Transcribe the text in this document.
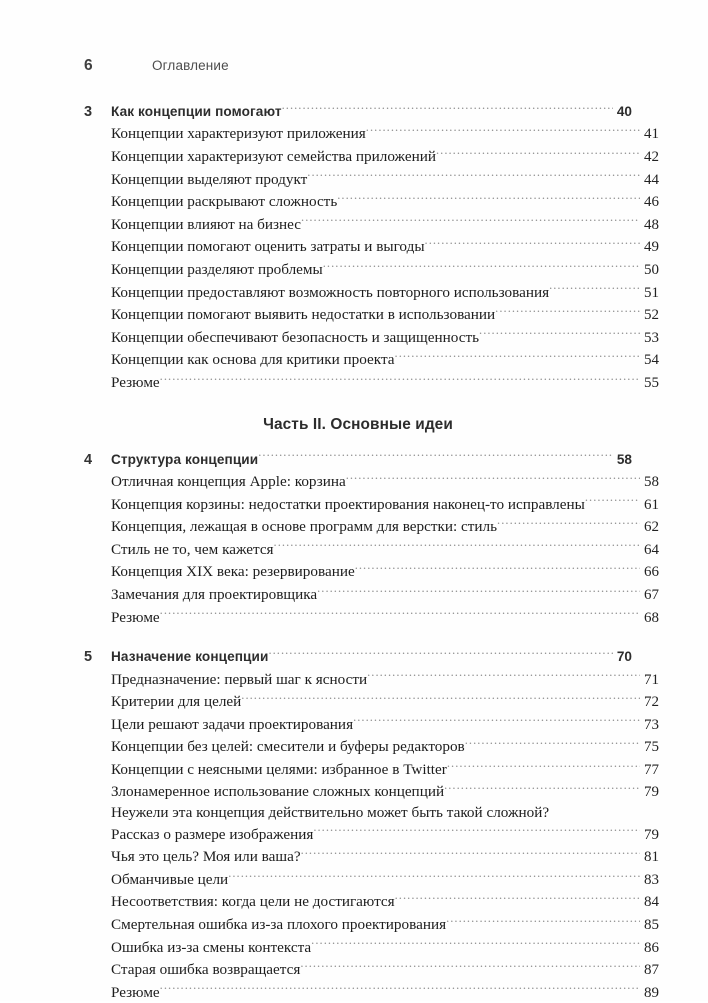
6	Оглавление
3	Как концепции помогают .....	40
Концепции характеризуют приложения .....	41
Концепции характеризуют семейства приложений .....	42
Концепции выделяют продукт .....	44
Концепции раскрывают сложность .....	46
Концепции влияют на бизнес .....	48
Концепции помогают оценить затраты и выгоды .....	49
Концепции разделяют проблемы .....	50
Концепции предоставляют возможность повторного использования .....	51
Концепции помогают выявить недостатки в использовании .....	52
Концепции обеспечивают безопасность и защищенность .....	53
Концепции как основа для критики проекта .....	54
Резюме .....	55
Часть II. Основные идеи
4	Структура концепции .....	58
Отличная концепция Apple: корзина .....	58
Концепция корзины: недостатки проектирования наконец-то исправлены .....	61
Концепция, лежащая в основе программ для верстки: стиль .....	62
Стиль не то, чем кажется .....	64
Концепция XIX века: резервирование .....	66
Замечания для проектировщика .....	67
Резюме .....	68
5	Назначение концепции .....	70
Предназначение: первый шаг к ясности .....	71
Критерии для целей .....	72
Цели решают задачи проектирования .....	73
Концепции без целей: смесители и буферы редакторов .....	75
Концепции с неясными целями: избранное в Twitter .....	77
Злонамеренное использование сложных концепций .....	79
Неужели эта концепция действительно может быть такой сложной?
Рассказ о размере изображения .....	79
Чья это цель? Моя или ваша? .....	81
Обманчивые цели .....	83
Несоответствия: когда цели не достигаются .....	84
Смертельная ошибка из-за плохого проектирования .....	85
Ошибка из-за смены контекста .....	86
Старая ошибка возвращается .....	87
Резюме .....	89
